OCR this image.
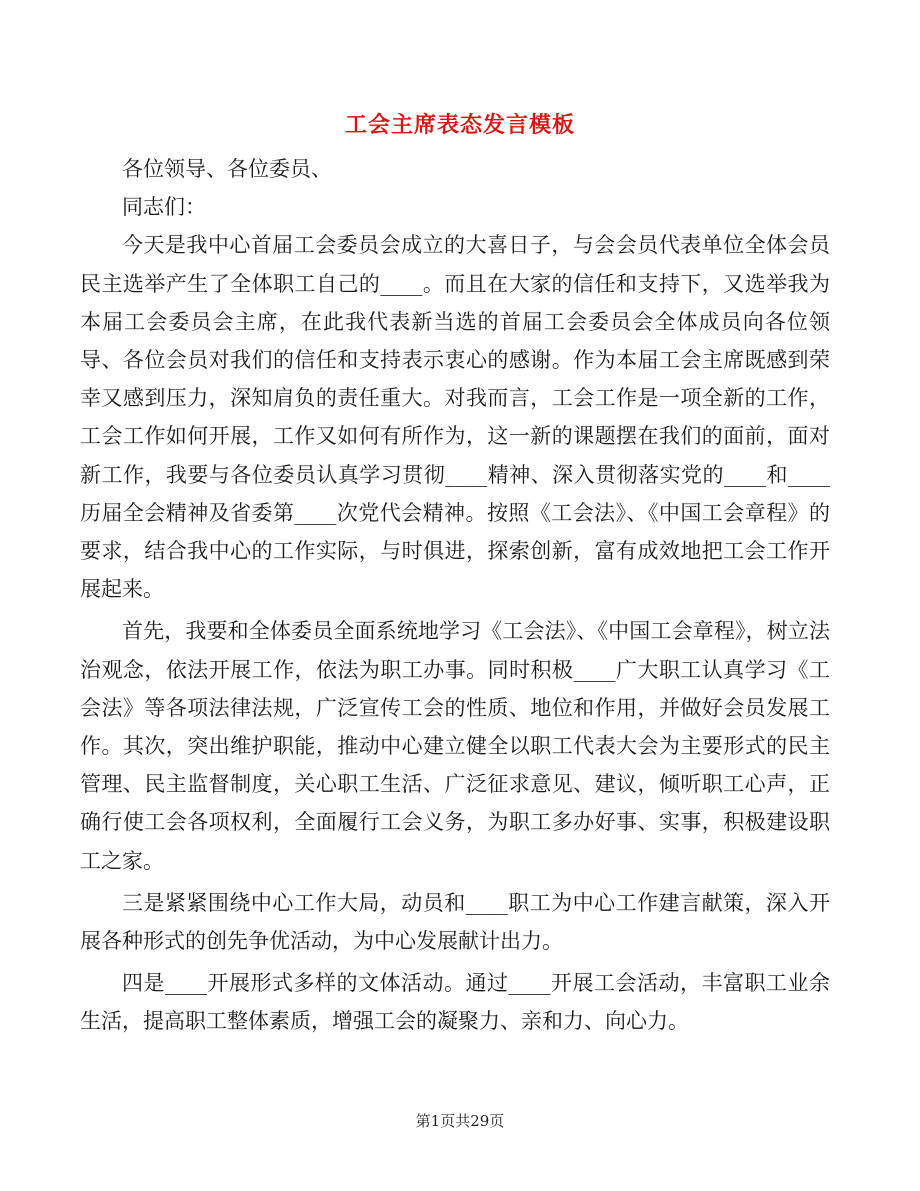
工会主席表态发言模板

各位领导、各位委员、

同志们：

今天是我中心首届工会委员会成立的大喜日子，与会会员代表单位全体会员民主选举产生了全体职工自己的____。而且在大家的信任和支持下，又选举我为本届工会委员会主席，在此我代表新当选的首届工会委员会全体成员向各位领导、各位会员对我们的信任和支持表示衷心的感谢。作为本届工会主席既感到荣幸又感到压力，深知肩负的责任重大。对我而言，工会工作是一项全新的工作，工会工作如何开展，工作又如何有所作为，这一新的课题摆在我们的面前，面对新工作，我要与各位委员认真学习贯彻____精神、深入贯彻落实党的____和____历届全会精神及省委第____次党代会精神。按照《工会法》、《中国工会章程》的要求，结合我中心的工作实际，与时俱进，探索创新，富有成效地把工会工作开展起来。

首先，我要和全体委员全面系统地学习《工会法》、《中国工会章程》，树立法治观念，依法开展工作，依法为职工办事。同时积极____广大职工认真学习《工会法》等各项法律法规，广泛宣传工会的性质、地位和作用，并做好会员发展工作。其次，突出维护职能，推动中心建立健全以职工代表大会为主要形式的民主管理、民主监督制度，关心职工生活、广泛征求意见、建议，倾听职工心声，正确行使工会各项权利，全面履行工会义务，为职工多办好事、实事，积极建设职工之家。

三是紧紧围绕中心工作大局，动员和____职工为中心工作建言献策，深入开展各种形式的创先争优活动，为中心发展献计出力。

四是____开展形式多样的文体活动。通过____开展工会活动，丰富职工业余生活，提高职工整体素质，增强工会的凝聚力、亲和力、向心力。

第1页共29页
